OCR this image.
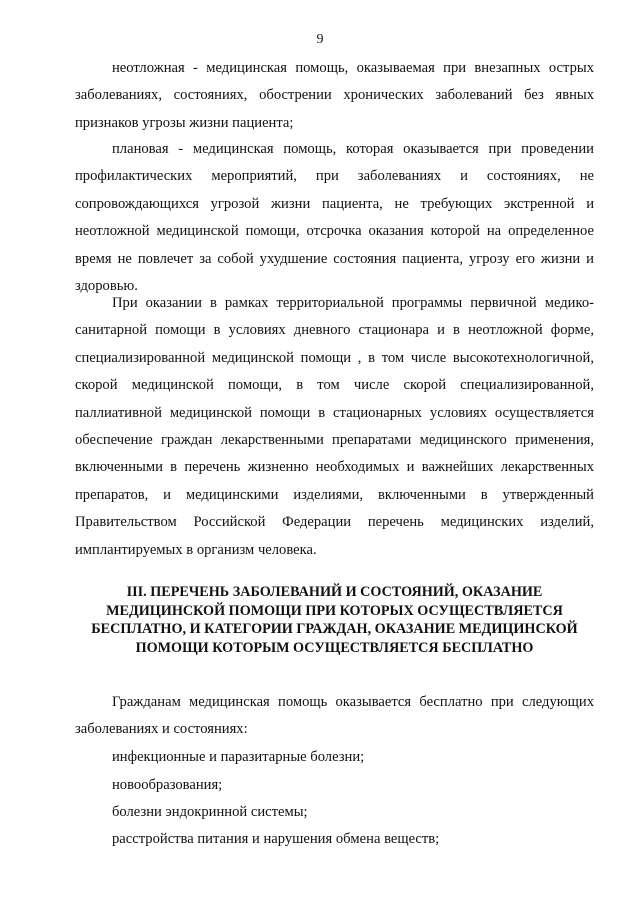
9

неотложная - медицинская помощь, оказываемая при внезапных острых заболеваниях, состояниях, обострении хронических заболеваний без явных признаков угрозы жизни пациента;

плановая - медицинская помощь, которая оказывается при проведении профилактических мероприятий, при заболеваниях и состояниях, не сопровождающихся угрозой жизни пациента, не требующих экстренной и неотложной медицинской помощи, отсрочка оказания которой на определенное время не повлечет за собой ухудшение состояния пациента, угрозу его жизни и здоровью.

При оказании в рамках территориальной программы первичной медико-санитарной помощи в условиях дневного стационара и в неотложной форме, специализированной медицинской помощи , в том числе высокотехнологичной, скорой медицинской помощи, в том числе скорой специализированной, паллиативной медицинской помощи в стационарных условиях осуществляется обеспечение граждан лекарственными препаратами медицинского применения, включенными в перечень жизненно необходимых и важнейших лекарственных препаратов, и медицинскими изделиями, включенными в утвержденный Правительством Российской Федерации перечень медицинских изделий, имплантируемых в организм человека.

III. ПЕРЕЧЕНЬ ЗАБОЛЕВАНИЙ И СОСТОЯНИЙ, ОКАЗАНИЕ МЕДИЦИНСКОЙ ПОМОЩИ ПРИ КОТОРЫХ ОСУЩЕСТВЛЯЕТСЯ БЕСПЛАТНО, И КАТЕГОРИИ ГРАЖДАН, ОКАЗАНИЕ МЕДИЦИНСКОЙ ПОМОЩИ КОТОРЫМ ОСУЩЕСТВЛЯЕТСЯ БЕСПЛАТНО

Гражданам медицинская помощь оказывается бесплатно при следующих заболеваниях и состояниях:

инфекционные и паразитарные болезни;

новообразования;

болезни эндокринной системы;

расстройства питания и нарушения обмена веществ;
